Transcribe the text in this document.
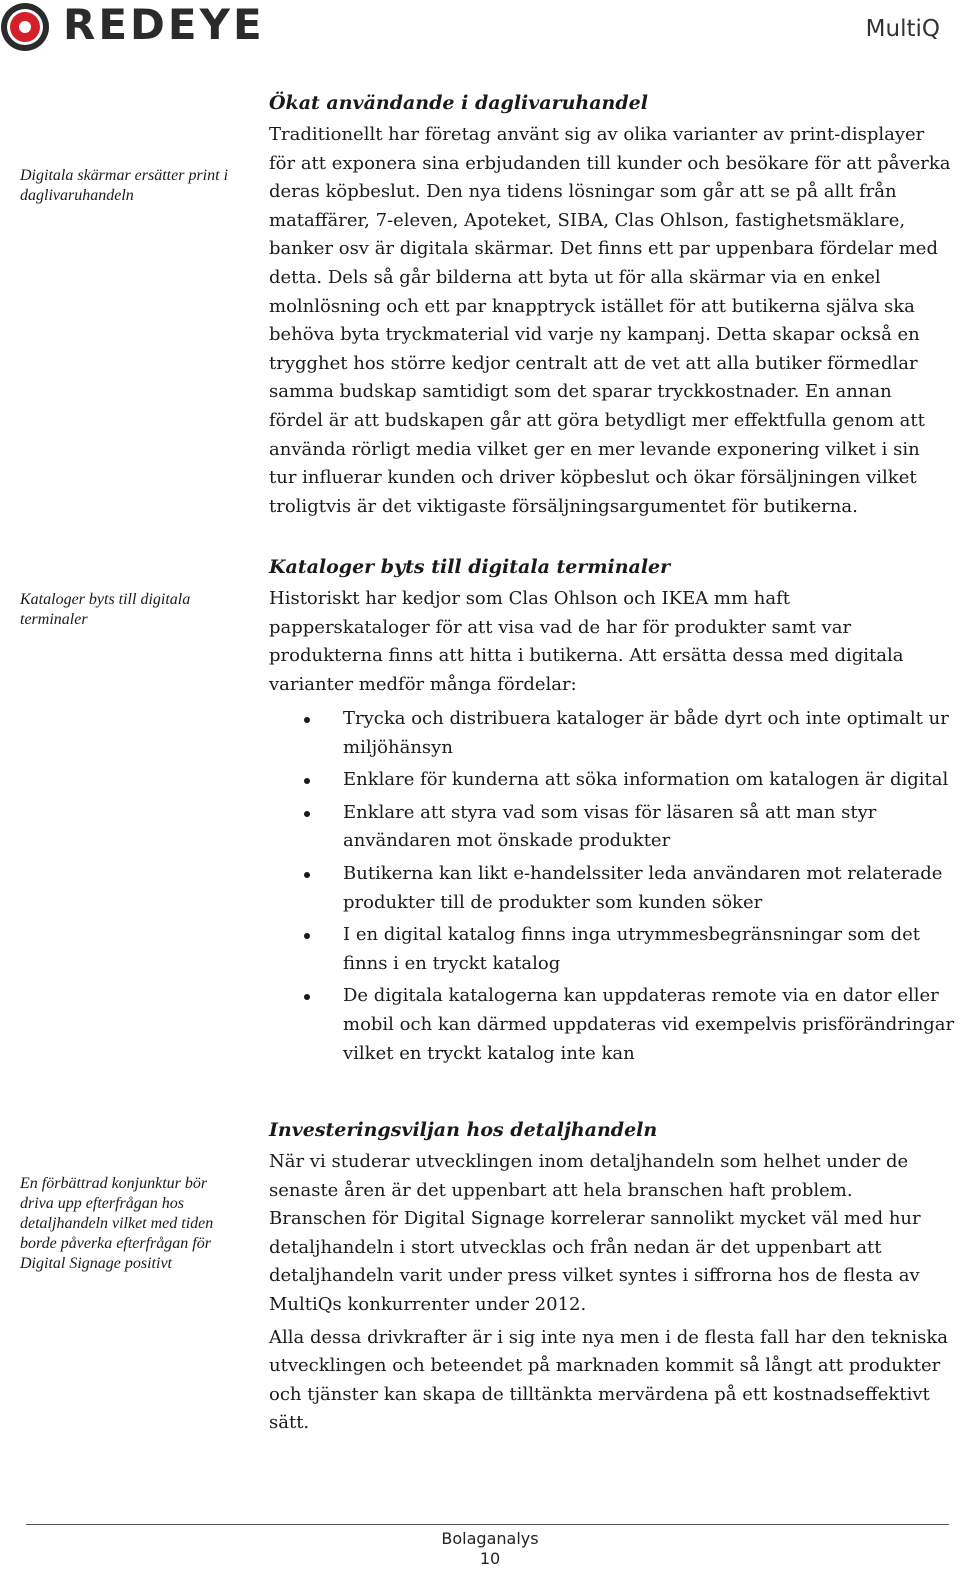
REDEYE	MultiQ
Digitala skärmar ersätter print i daglivaruhandeln
Ökat användande i daglivaruhandel

Traditionellt har företag använt sig av olika varianter av print-displayer för att exponera sina erbjudanden till kunder och besökare för att påverka deras köpbeslut. Den nya tidens lösningar som går att se på allt från mataffärer, 7-eleven, Apoteket, SIBA, Clas Ohlson, fastighetsmäklare, banker osv är digitala skärmar. Det finns ett par uppenbara fördelar med detta. Dels så går bilderna att byta ut för alla skärmar via en enkel molnlösning och ett par knapptryck istället för att butikerna själva ska behöva byta tryckmaterial vid varje ny kampanj. Detta skapar också en trygghet hos större kedjor centralt att de vet att alla butiker förmedlar samma budskap samtidigt som det sparar tryckkostnader. En annan fördel är att budskapen går att göra betydligt mer effektfulla genom att använda rörligt media vilket ger en mer levande exponering vilket i sin tur influerar kunden och driver köpbeslut och ökar försäljningen vilket troligtvis är det viktigaste försäljningsargumentet för butikerna.

Kataloger byts till digitala terminaler
Kataloger byts till digitala terminaler

Historiskt har kedjor som Clas Ohlson och IKEA mm haft papperskataloger för att visa vad de har för produkter samt var produkterna finns att hitta i butikerna. Att ersätta dessa med digitala varianter medför många fördelar:

Trycka och distribuera kataloger är både dyrt och inte optimalt ur miljöhänsyn
Enklare för kunderna att söka information om katalogen är digital
Enklare att styra vad som visas för läsaren så att man styr användaren mot önskade produkter
Butikerna kan likt e-handelssiter leda användaren mot relaterade produkter till de produkter som kunden söker
I en digital katalog finns inga utrymmesbegränsningar som det finns i en tryckt katalog
De digitala katalogerna kan uppdateras remote via en dator eller mobil och kan därmed uppdateras vid exempelvis prisförändringar vilket en tryckt katalog inte kan
En förbättrad konjunktur bör driva upp efterfrågan hos detaljhandeln vilket med tiden borde påverka efterfrågan för Digital Signage positivt
Investeringsviljan hos detaljhandeln

När vi studerar utvecklingen inom detaljhandeln som helhet under de senaste åren är det uppenbart att hela branschen haft problem. Branschen för Digital Signage korrelerar sannolikt mycket väl med hur detaljhandeln i stort utvecklas och från nedan är det uppenbart att detaljhandeln varit under press vilket syntes i siffrorna hos de flesta av MultiQs konkurrenter under 2012.

Alla dessa drivkrafter är i sig inte nya men i de flesta fall har den tekniska utvecklingen och beteendet på marknaden kommit så långt att produkter och tjänster kan skapa de tilltänkta mervärdena på ett kostnadseffektivt sätt.

Bolaganalys
10
